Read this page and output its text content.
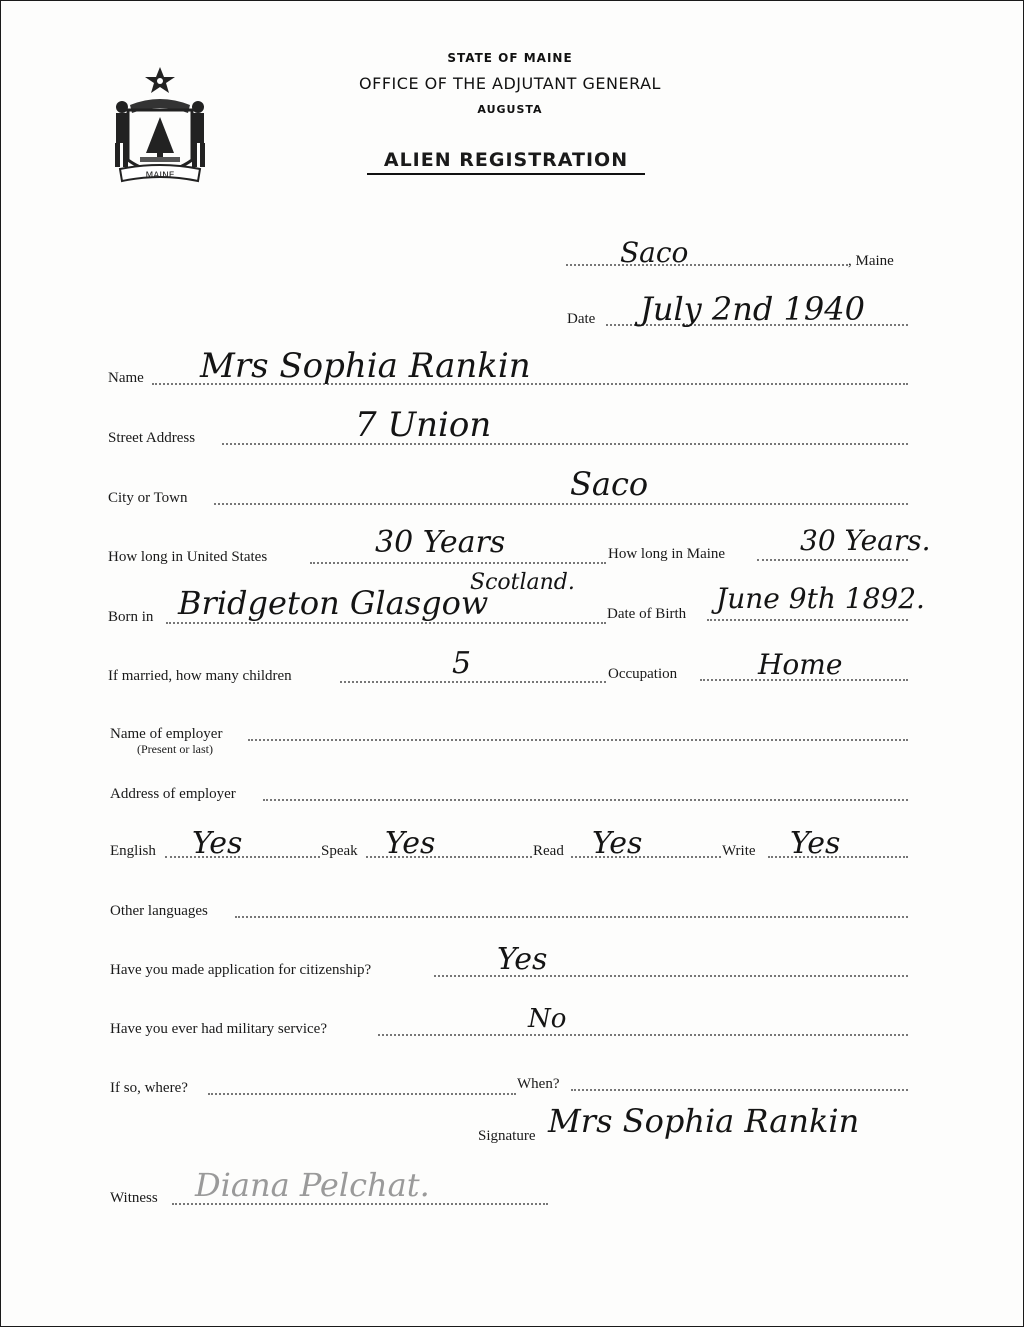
MAINE
STATE OF MAINE
OFFICE OF THE ADJUTANT GENERAL
AUGUSTA
ALIEN REGISTRATION
Saco	, Maine
Date July 2nd 1940
Name Mrs Sophia Rankin
Street Address	7 Union
City or Town	Saco
How long in United States	30 Years	How long in Maine	30 Years.
Born in Bridgeton Glasgow
Scotland.
Date of Birth June 9th 1892.
If married, how many children	5	Occupation	Home
Name of employer
(Present or last)
Address of employer
English Yes	Speak Yes	Read Yes	Write Yes
Other languages
Have you made application for citizenship?	Yes
Have you ever had military service?	No
If so, where?	When?
Signature Mrs Sophia Rankin
Witness Diana Pelchat.
